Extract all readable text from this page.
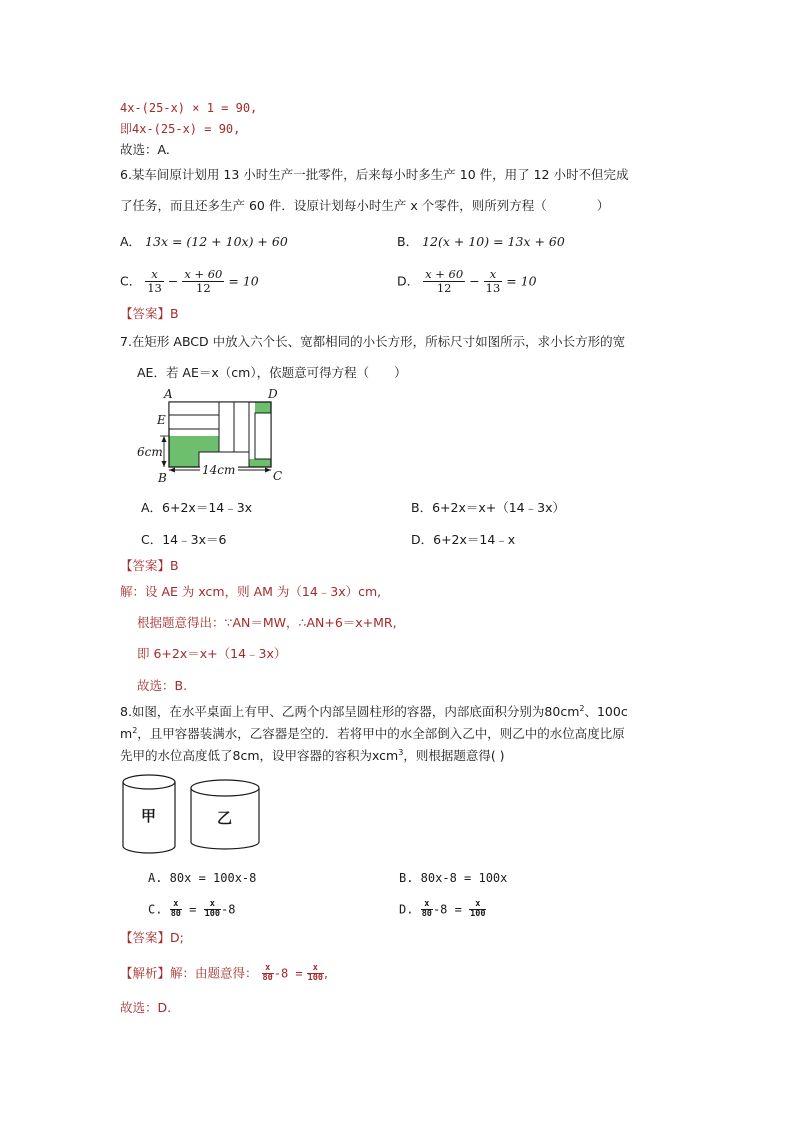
4x-(25-x) × 1 = 90,
即4x-(25-x) = 90,
故选：A.
6.某车间原计划用 13 小时生产一批零件，后来每小时多生产 10 件，用了 12 小时不但完成
了任务，而且还多生产 60 件．设原计划每小时生产 x 个零件，则所列方程（　　　　）
A． 13x = (12 + 10x) + 60	B． 12(x + 10) = 13x + 60
C． $\frac{x}{13} - \frac{x + 60}{12} = 10$	D． $\frac{x + 60}{12} - \frac{x}{13} = 10$
【答案】B
7.在矩形 ABCD 中放入六个长、宽都相同的小长方形，所标尺寸如图所示，求小长方形的宽
AE．若 AE＝x（cm），依题意可得方程（　　）
A	D
E
B	C
6cm
14cm
A．6+2x＝14﹣3x	B．6+2x＝x+（14﹣3x）
C．14﹣3x＝6	D．6+2x＝14﹣x
【答案】B
解：设 AE 为 xcm，则 AM 为（14﹣3x）cm,
根据题意得出：∵AN＝MW，∴AN+6＝x+MR,
即 6+2x＝x+（14﹣3x）
故选：B.
8.如图，在水平桌面上有甲、乙两个内部呈圆柱形的容器，内部底面积分别为$80cm^2$、100c
$m^2$，且甲容器装满水，乙容器是空的．若将甲中的水全部倒入乙中，则乙中的水位高度比原
先甲的水位高度低了8cm，设甲容器的容积为xcm$^3$，则根据题意得( )
甲	乙
A. 80x = 100x-8	B. 80x-8 = 100x
C. $\frac{x}{80} = \frac{x}{100} -8$	D. $\frac{x}{80} -8 = \frac{x}{100}$
【答案】D;
【解析】解：由题意得： $\frac{x}{80} -8 = \frac{x}{100}$ ,
故选：D.
